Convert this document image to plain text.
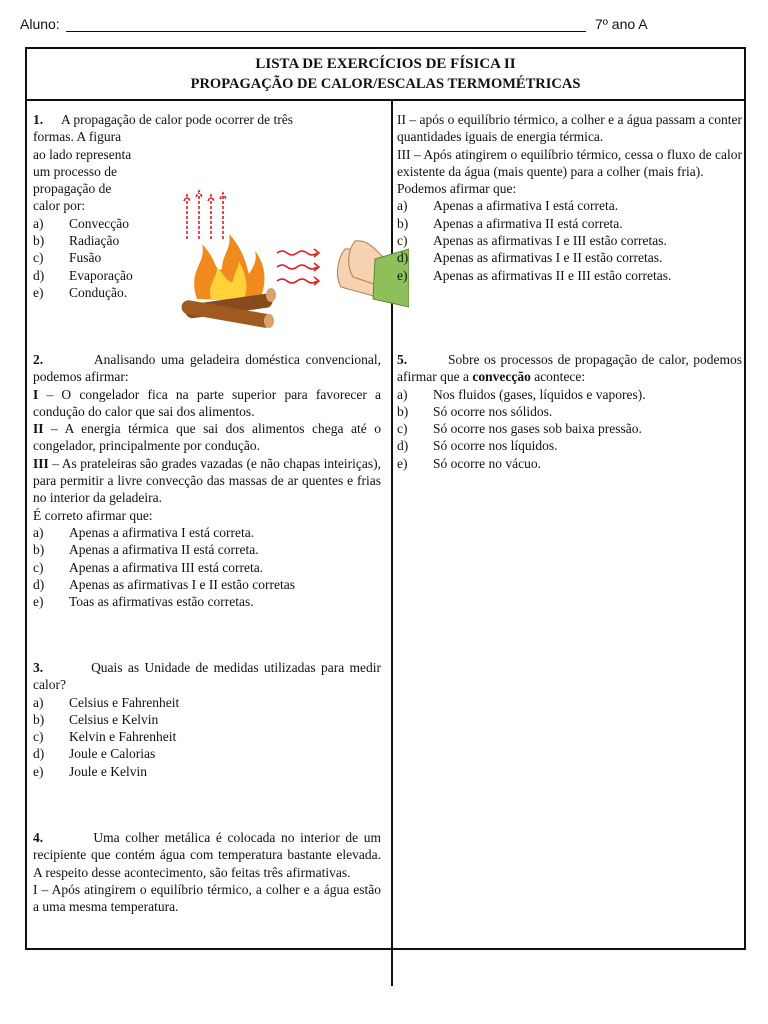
Aluno:	7º ano A
LISTA DE EXERCÍCIOS DE FÍSICA II
PROPAGAÇÃO DE CALOR/ESCALAS TERMOMÉTRICAS
1. A propagação de calor pode ocorrer de três

formas. A figura

ao lado representa

um processo de

propagação de

calor por:

a)	Convecção
b)	Radiação
c)	Fusão
d)	Evaporação
e)	Condução.

2.	Analisando uma geladeira doméstica convencional, podemos afirmar:

I – O congelador fica na parte superior para favorecer a condução do calor que sai dos alimentos.

II – A energia térmica que sai dos alimentos chega até o congelador, principalmente por condução.

III – As prateleiras são grades vazadas (e não chapas inteiriças), para permitir a livre convecção das massas de ar quentes e frias no interior da geladeira.

É correto afirmar que:

a)	Apenas a afirmativa I está correta.
b)	Apenas a afirmativa II está correta.
c)	Apenas a afirmativa III está correta.
d)	Apenas as afirmativas I e II estão corretas
e)	Toas as afirmativas estão corretas.

3.	Quais as Unidade de medidas utilizadas para medir calor?

a)	Celsius e Fahrenheit
b)	Celsius e Kelvin
c)	Kelvin e Fahrenheit
d)	Joule e Calorias
e)	Joule e Kelvin

4.	Uma colher metálica é colocada no interior de um recipiente que contém água com temperatura bastante elevada. A respeito desse acontecimento, são feitas três afirmativas.

I – Após atingirem o equilíbrio térmico, a colher e a água estão a uma mesma temperatura.

II – após o equilíbrio térmico, a colher e a água passam a conter quantidades iguais de energia térmica.

III – Após atingirem o equilíbrio térmico, cessa o fluxo de calor existente da água (mais quente) para a colher (mais fria).

Podemos afirmar que:

a)	Apenas a afirmativa I está correta.
b)	Apenas a afirmativa II está correta.
c)	Apenas as afirmativas I e III estão corretas.
d)	Apenas as afirmativas I e II estão corretas.
e)	Apenas as afirmativas II e III estão corretas.

5.	Sobre os processos de propagação de calor, podemos afirmar que a convecção acontece:

a)	Nos fluidos (gases, líquidos e vapores).
b)	Só ocorre nos sólidos.
c)	Só ocorre nos gases sob baixa pressão.
d)	Só ocorre nos líquidos.
e)	Só ocorre no vácuo.
